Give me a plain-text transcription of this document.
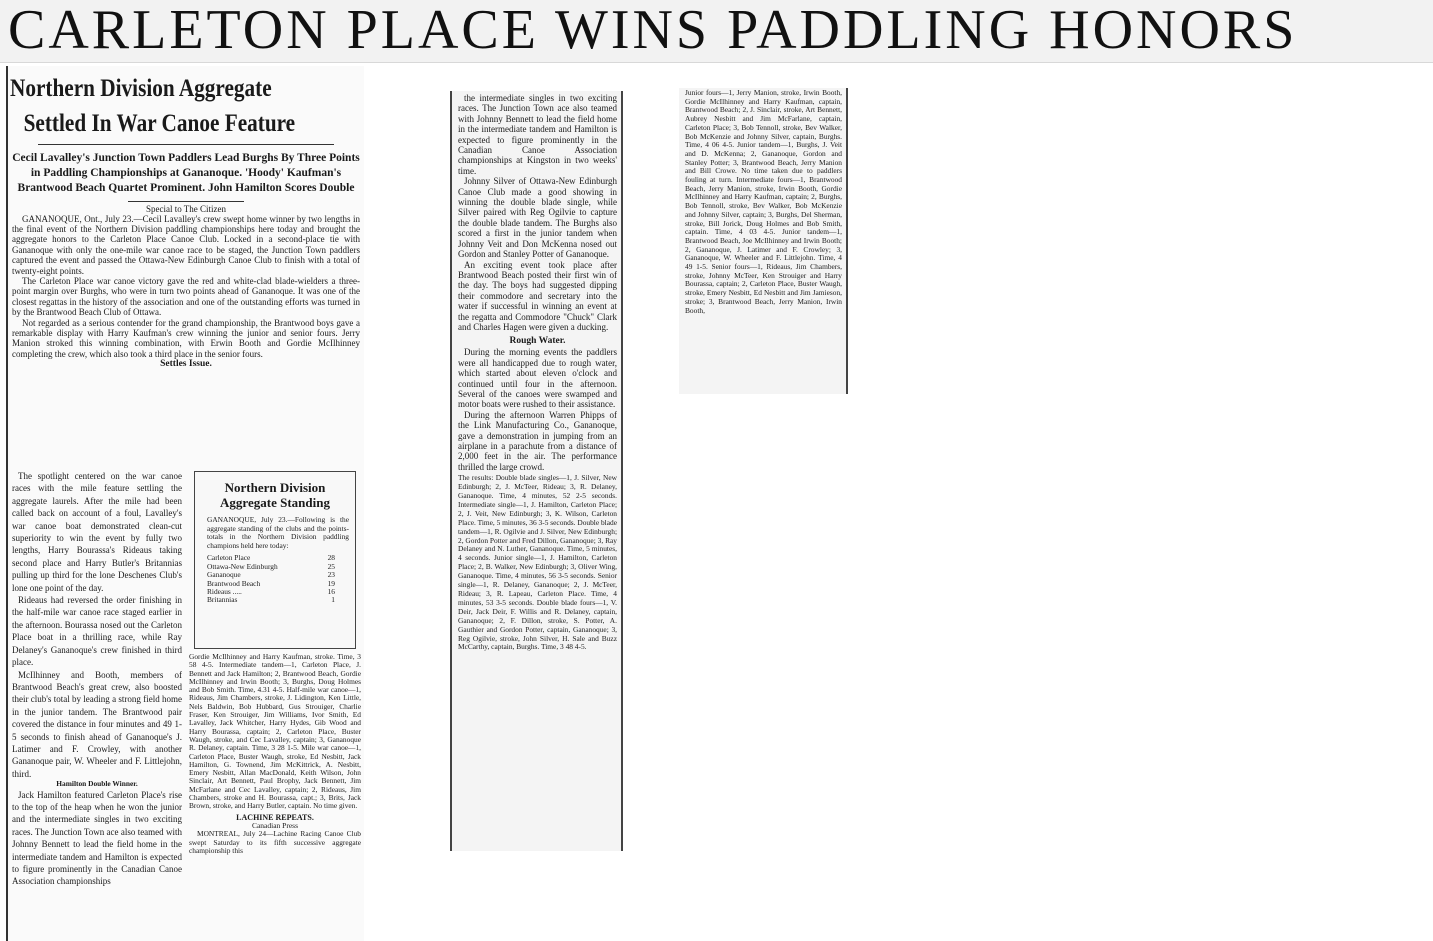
CARLETON PLACE WINS PADDLING HONORS
Northern Division Aggregate
Settled In War Canoe Feature
Cecil Lavalley's Junction Town Paddlers Lead Burghs By Three Points in Paddling Championships at Gananoque. 'Hoody' Kaufman's Brantwood Beach Quartet Prominent. John Hamilton Scores Double
Special to The Citizen

GANANOQUE, Ont., July 23.—Cecil Lavalley's crew swept home winner by two lengths in the final event of the Northern Division paddling championships here today and brought the aggregate honors to the Carleton Place Canoe Club. Locked in a second-place tie with Gananoque with only the one-mile war canoe race to be staged, the Junction Town paddlers captured the event and passed the Ottawa-New Edinburgh Canoe Club to finish with a total of twenty-eight points.

The Carleton Place war canoe victory gave the red and white-clad blade-wielders a three-point margin over Burghs, who were in turn two points ahead of Gananoque. It was one of the closest regattas in the history of the association and one of the outstanding efforts was turned in by the Brantwood Beach Club of Ottawa.

Not regarded as a serious contender for the grand championship, the Brantwood boys gave a remarkable display with Harry Kaufman's crew winning the junior and senior fours. Jerry Manion stroked this winning combination, with Erwin Booth and Gordie McIlhinney completing the crew, which also took a third place in the senior fours.

Settles Issue.

The spotlight centered on the war canoe races with the mile feature settling the aggregate laurels. After the mile had been called back on account of a foul, Lavalley's war canoe boat demonstrated clean-cut superiority to win the event by fully two lengths, Harry Bourassa's Rideaus taking second place and Harry Butler's Britannias pulling up third for the lone Deschenes Club's lone one point of the day.

Rideaus had reversed the order finishing in the half-mile war canoe race staged earlier in the afternoon. Bourassa nosed out the Carleton Place boat in a thrilling race, while Ray Delaney's Gananoque's crew finished in third place.

McIlhinney and Booth, members of Brantwood Beach's great crew, also boosted their club's total by leading a strong field home in the junior tandem. The Brantwood pair covered the distance in four minutes and 49 1-5 seconds to finish ahead of Gananoque's J. Latimer and F. Crowley, with another Gananoque pair, W. Wheeler and F. Littlejohn, third.

Hamilton Double Winner.

Jack Hamilton featured Carleton Place's rise to the top of the heap when he won the junior and the intermediate singles in two exciting races. The Junction Town ace also teamed with Johnny Bennett to lead the field home in the intermediate tandem and Hamilton is expected to figure prominently in the Canadian Canoe Association championships

Northern Division
Aggregate Standing
GANANOQUE, July 23.—Following is the aggregate standing of the clubs and the points-totals in the Northern Division paddling champions held here today:
Carleton Place	28
Ottawa-New Edinburgh	25
Gananoque	23
Brantwood Beach	19
Rideaus .....	16
Britannias	1

Gordie McIlhinney and Harry Kaufman, stroke. Time, 3 58 4-5. Intermediate tandem—1, Carleton Place, J. Bennett and Jack Hamilton; 2, Brantwood Beach, Gordie McIlhinney and Irwin Booth; 3, Burghs, Doug Holmes and Bob Smith. Time, 4.31 4-5. Half-mile war canoe—1, Rideaus, Jim Chambers, stroke, J. Lidington, Ken Little, Nels Baldwin, Bob Hubbard, Gus Strouiger, Charlie Fraser, Ken Strouiger, Jim Williams, Ivor Smith, Ed Lavalley, Jack Whitcher, Harry Hydes, Gib Wood and Harry Bourassa, captain; 2, Carleton Place, Buster Waugh, stroke, and Cec Lavalley, captain; 3, Gananoque R. Delaney, captain. Time, 3 28 1-5. Mile war canoe—1, Carleton Place, Buster Waugh, stroke, Ed Nesbitt, Jack Hamilton, G. Townend, Jim McKittrick, A. Nesbitt, Emery Nesbitt, Allan MacDonald, Keith Wilson, John Sinclair, Art Bennett, Paul Brophy, Jack Bennett, Jim McFarlane and Cec Lavalley, captain; 2, Rideaus, Jim Chambers, stroke and H. Bourassa, capt.; 3, Brits, Jack Brown, stroke, and Harry Butler, captain. No time given.

LACHINE REPEATS.
Canadian Press

MONTREAL, July 24—Lachine Racing Canoe Club swept Saturday to its fifth successive aggregate championship this

the intermediate singles in two exciting races. The Junction Town ace also teamed with Johnny Bennett to lead the field home in the intermediate tandem and Hamilton is expected to figure prominently in the Canadian Canoe Association championships at Kingston in two weeks' time.

Johnny Silver of Ottawa-New Edinburgh Canoe Club made a good showing in winning the double blade single, while Silver paired with Reg Ogilvie to capture the double blade tandem. The Burghs also scored a first in the junior tandem when Johnny Veit and Don McKenna nosed out Gordon and Stanley Potter of Gananoque.

An exciting event took place after Brantwood Beach posted their first win of the day. The boys had suggested dipping their commodore and secretary into the water if successful in winning an event at the regatta and Commodore "Chuck" Clark and Charles Hagen were given a ducking.

Rough Water.

During the morning events the paddlers were all handicapped due to rough water, which started about eleven o'clock and continued until four in the afternoon. Several of the canoes were swamped and motor boats were rushed to their assistance.

During the afternoon Warren Phipps of the Link Manufacturing Co., Gananoque, gave a demonstration in jumping from an airplane in a parachute from a distance of 2,000 feet in the air. The performance thrilled the large crowd.

The results: Double blade singles—1, J. Silver, New Edinburgh; 2, J. McTeer, Rideau; 3, R. Delaney, Gananoque. Time, 4 minutes, 52 2-5 seconds. Intermediate single—1, J. Hamilton, Carleton Place; 2, J. Veit, New Edinburgh; 3, K. Wilson, Carleton Place. Time, 5 minutes, 36 3-5 seconds. Double blade tandem—1, R. Ogilvie and J. Silver, New Edinburgh; 2, Gordon Potter and Fred Dillon, Gananoque; 3, Ray Delaney and N. Luther, Gananoque. Time, 5 minutes, 4 seconds. Junior single—1, J. Hamilton, Carleton Place; 2, B. Walker, New Edinburgh; 3, Oliver Wing, Gananoque. Time, 4 minutes, 56 3-5 seconds. Senior single—1, R. Delaney, Gananoque; 2, J. McTeer, Rideau; 3, R. Lapeau, Carleton Place. Time, 4 minutes, 53 3-5 seconds. Double blade fours—1, V. Deir, Jack Deir, F. Willis and R. Delaney, captain, Gananoque; 2, F. Dillon, stroke, S. Potter, A. Gauthier and Gordon Potter, captain, Gananoque; 3, Reg Ogilvie, stroke, John Silver, H. Sale and Buzz McCarthy, captain, Burghs. Time, 3 48 4-5.

Junior fours—1, Jerry Manion, stroke, Irwin Booth, Gordie McIlhinney and Harry Kaufman, captain, Brantwood Beach; 2, J. Sinclair, stroke, Art Bennett, Aubrey Nesbitt and Jim McFarlane, captain, Carleton Place; 3, Bob Tennoll, stroke, Bev Walker, Bob McKenzie and Johnny Silver, captain, Burghs. Time, 4 06 4-5. Junior tandem—1, Burghs, J. Veit and D. McKenna; 2, Gananoque, Gordon and Stanley Potter; 3, Brantwood Beach, Jerry Manion and Bill Crowe. No time taken due to paddlers fouling at turn. Intermediate fours—1, Brantwood Beach, Jerry Manion, stroke, Irwin Booth, Gordie McIlhinney and Harry Kaufman, captain; 2, Burghs, Bob Tennoll, stroke, Bev Walker, Bob McKenzie and Johnny Silver, captain; 3, Burghs, Del Sherman, stroke, Bill Jorick, Doug Holmes and Bob Smith, captain. Time, 4 03 4-5. Junior tandem—1, Brantwood Beach, Joe McIlhinney and Irwin Booth; 2, Gananoque, J. Latimer and F. Crowley; 3, Gananoque, W. Wheeler and F. Littlejohn. Time, 4 49 1-5. Senior fours—1, Rideaus, Jim Chambers, stroke, Johnny McTeer, Ken Strouiger and Harry Bourassa, captain; 2, Carleton Place, Buster Waugh, stroke, Emery Nesbitt, Ed Nesbitt and Jim Jamieson, stroke; 3, Brantwood Beach, Jerry Manion, Irwin Booth,
